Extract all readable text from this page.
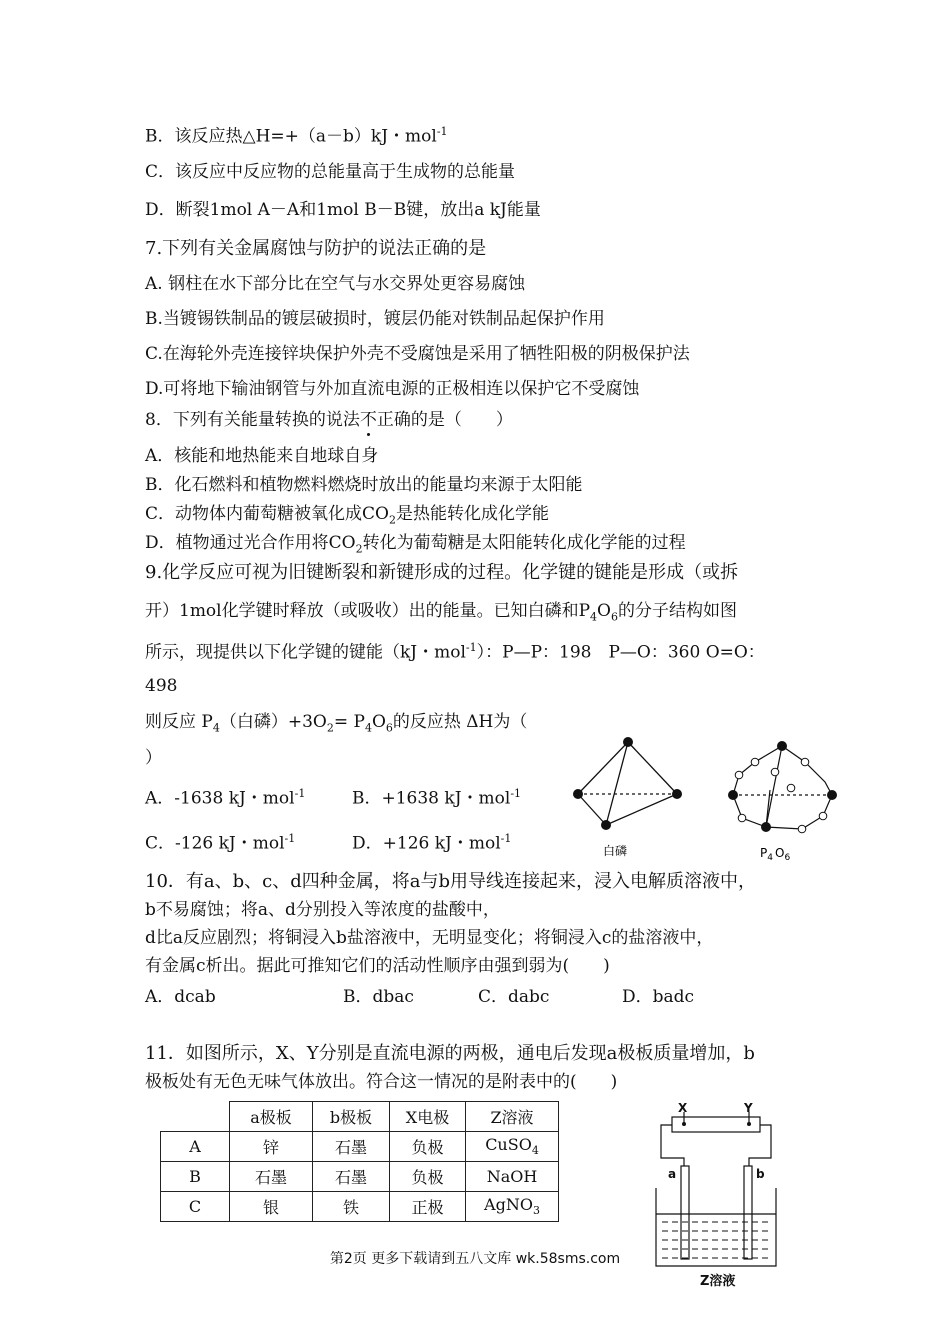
B．该反应热△H=+（a－b）kJ・mol$^{-1}$
C．该反应中反应物的总能量高于生成物的总能量
D．断裂1mol A－A和1mol B－B键，放出a kJ能量
7.下列有关金属腐蚀与防护的说法正确的是
A. 钢柱在水下部分比在空气与水交界处更容易腐蚀
B.当镀锡铁制品的镀层破损时，镀层仍能对铁制品起保护作用
C.在海轮外壳连接锌块保护外壳不受腐蚀是采用了牺牲阳极的阴极保护法
D.可将地下输油钢管与外加直流电源的正极相连以保护它不受腐蚀
8．下列有关能量转换的说法不正确的是（　　）
A．核能和地热能来自地球自身
B．化石燃料和植物燃料燃烧时放出的能量均来源于太阳能
C．动物体内葡萄糖被氧化成$CO_2$是热能转化成化学能
D．植物通过光合作用将$CO_2$转化为葡萄糖是太阳能转化成化学能的过程
9.化学反应可视为旧键断裂和新键形成的过程。化学键的键能是形成（或拆
开）1mol化学键时释放（或吸收）出的能量。已知白磷和$P_4O_6$的分子结构如图
所示，现提供以下化学键的键能（kJ・mol$^{-1}$）：P—P：198　P—O：360 O=O：
498
则反应 $P_4$（白磷）$+3O_2= P_4O_6$的反应热 ΔH为（
）
A．-1638 kJ・mol$^{-1}$	B．+1638 kJ・mol$^{-1}$
C．-126 kJ・mol$^{-1}$	D．+126 kJ・mol$^{-1}$
白磷	$P_4$ $O_6$
10．有a、b、c、d四种金属，将a与b用导线连接起来，浸入电解质溶液中，
b不易腐蚀；将a、d分别投入等浓度的盐酸中，
d比a反应剧烈；将铜浸入b盐溶液中，无明显变化；将铜浸入c的盐溶液中，
有金属c析出。据此可推知它们的活动性顺序由强到弱为(　　)
A．dcab	B．dbac	C．dabc	D．badc
11．如图所示，X、Y分别是直流电源的两极，通电后发现a极板质量增加，b
极板处有无色无味气体放出。符合这一情况的是附表中的(　　)
	a极板	b极板	X电极	Z溶液
A	锌	石墨	负极	CuSO$_4$
B	石墨	石墨	负极	NaOH
C	银	铁	正极	AgNO$_3$
X	Y
a	b
Z溶液
第2页 更多下载请到五八文库 wk.58sms.com
